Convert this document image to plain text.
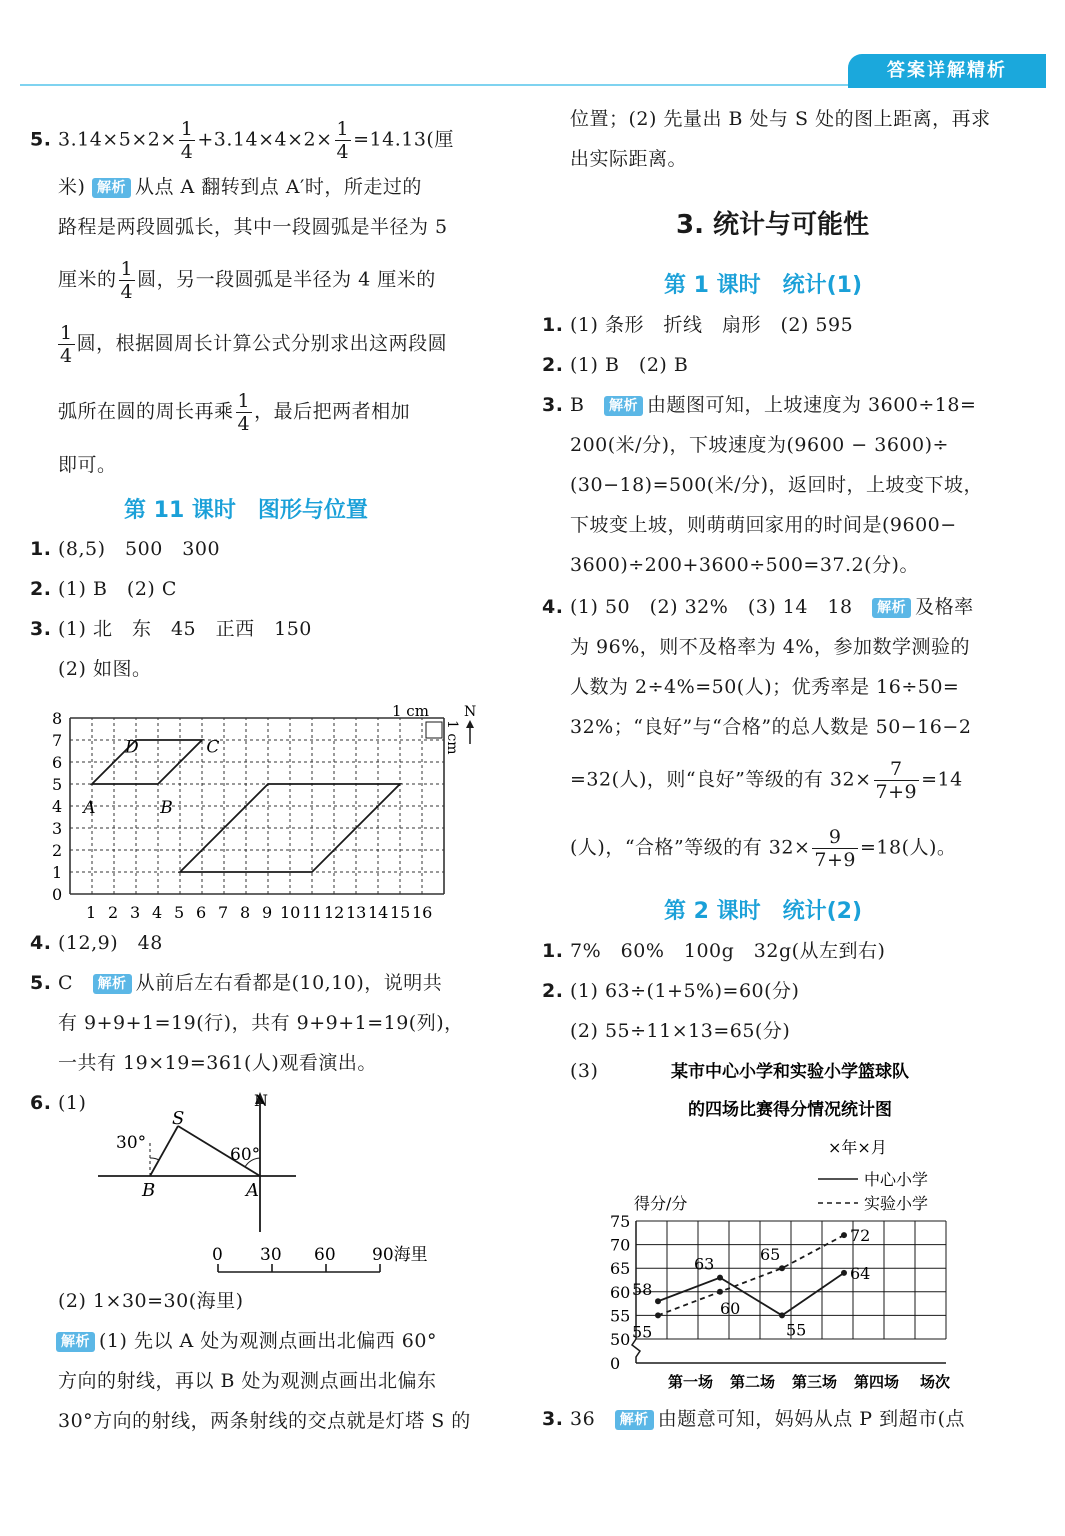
答案详解精析
5. $3.14\times 5\times 2\times \frac{1}{4} +3.14\times 4\times 2\times \frac{1}{4} =14.13$(厘
米) 解析 从点 A 翻转到点 A′时，所走过的
路程是两段圆弧长，其中一段圆弧是半径为 5
厘米的 $\frac{1}{4}$ 圆，另一段圆弧是半径为 4 厘米的
$\frac{1}{4}$ 圆，根据圆周长计算公式分别求出这两段圆
弧所在圆的周长再乘 $\frac{1}{4}$ ，最后把两者相加
即可。
第 11 课时　图形与位置
1. (8,5)　500　300
2. (1) B　(2) C
3. (1) 北　东　45　正西　150
(2) 如图。
8
7
6
5
4
3
2
1
0
1 2 3 4 5 6 7 8 9 10 11 12 13 14 15 16
D	C
A	B
1 cm
1 cm
N
4. (12,9)　48
5. C　 解析 从前后左右看都是(10,10)，说明共
有 9+9+1=19(行)，共有 9+9+1=19(列)，
一共有 19×19=361(人)观看演出。
6. (1)
S
B	A
N
30°
60°
0 30 60 90海里
(2) 1×30=30(海里)
解析 (1) 先以 A 处为观测点画出北偏西 60°
方向的射线，再以 B 处为观测点画出北偏东
30°方向的射线，两条射线的交点就是灯塔 S 的
位置；(2) 先量出 B 处与 S 处的图上距离，再求
出实际距离。
3. 统计与可能性
第 1 课时　统计(1)
1. (1) 条形　折线　扇形　(2) 595
2. (1) B　(2) B
3. B　 解析 由题图可知，上坡速度为 3600÷18=
200(米/分)，下坡速度为(9600 − 3600)÷
(30−18)=500(米/分)，返回时，上坡变下坡，
下坡变上坡，则萌萌回家用的时间是(9600−
3600)÷200+3600÷500=37.2(分)。
4. (1) 50　(2) 32%　(3) 14　18　 解析 及格率
为 96%，则不及格率为 4%，参加数学测验的
人数为 2÷4%=50(人)；优秀率是 16÷50=
32%；“良好”与“合格”的总人数是 50−16−2
=32(人)，则“良好”等级的有 $32\times \frac{7}{7+9} =14$
(人)，“合格”等级的有 $32\times \frac{9}{7+9} =18$(人)。
第 2 课时　统计(2)
1. 7%　60%　100g　32g(从左到右)
2. (1) 63÷(1+5%)=60(分)
(2) 55÷11×13=65(分)
(3)	某市中心小学和实验小学篮球队
的四场比赛得分情况统计图
×年×月
中心小学
实验小学
得分/分
75
70
65
60
55
50
0
58
63
55
64
55
60
65
72
第一场 第二场 第三场 第四场 场次
3. 36　 解析 由题意可知，妈妈从点 P 到超市(点
